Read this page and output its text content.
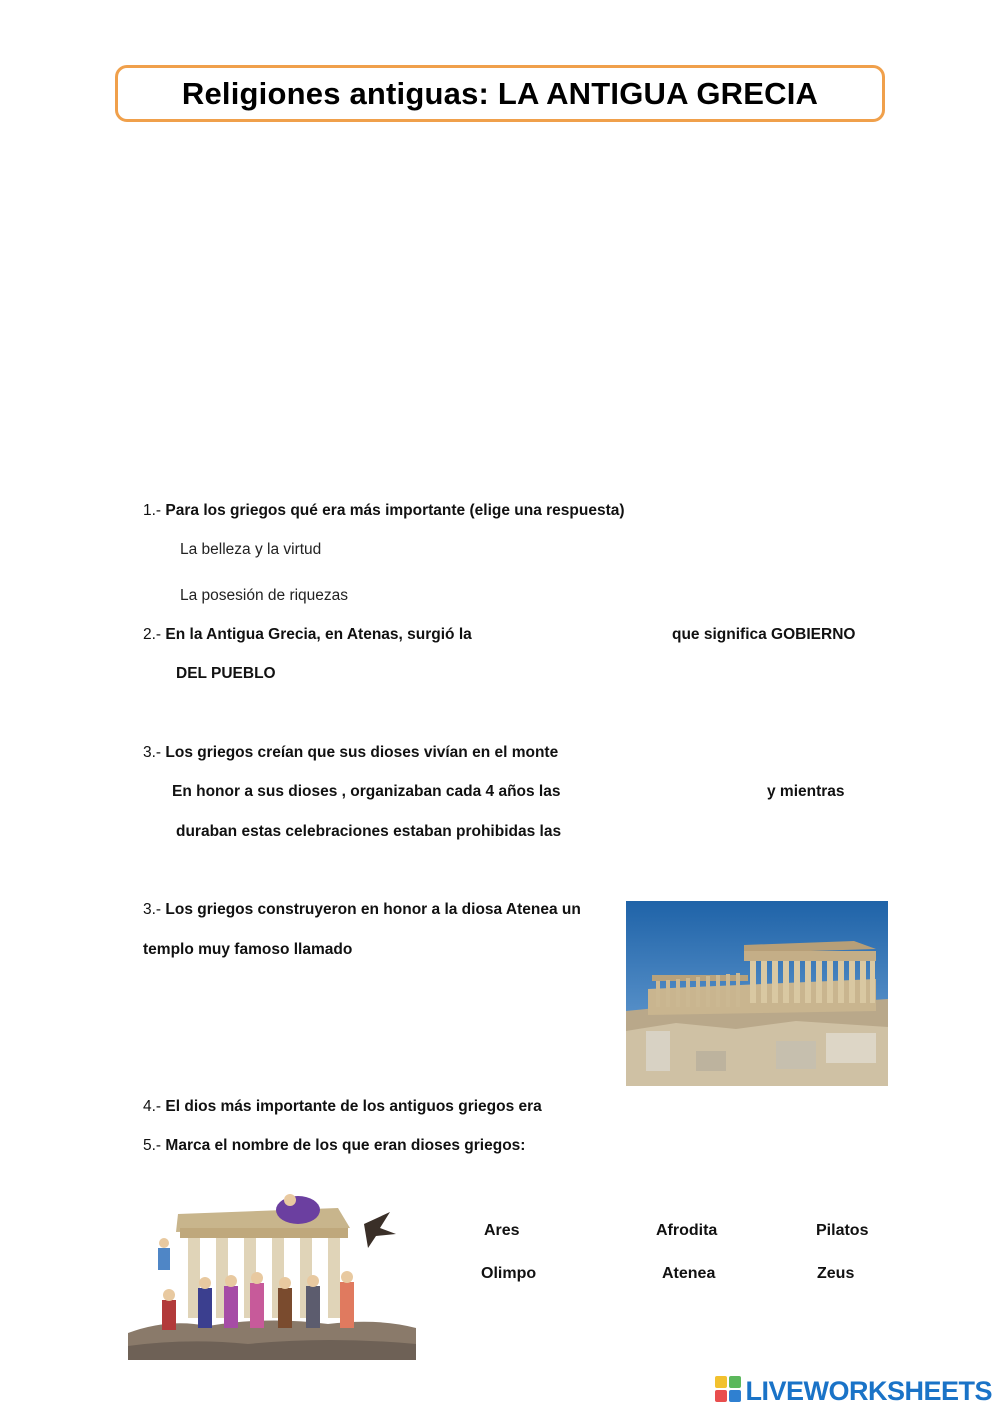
Religiones antiguas: LA ANTIGUA GRECIA
1.- Para los griegos qué era más importante (elige una respuesta)
La belleza y la virtud
La posesión de riquezas
2.- En la Antigua Grecia, en Atenas, surgió la	que significa GOBIERNO
DEL PUEBLO
3.- Los griegos creían que sus dioses vivían en el monte
En honor a sus dioses , organizaban cada 4 años las	y mientras
duraban estas celebraciones estaban prohibidas las
3.- Los griegos construyeron en honor a la diosa Atenea un
templo muy famoso llamado
4.- El dios más importante de los antiguos griegos era
5.- Marca el nombre de los que eran dioses griegos:
Ares	Afrodita	Pilatos
Olimpo	Atenea	Zeus
LIVEWORKSHEETS
